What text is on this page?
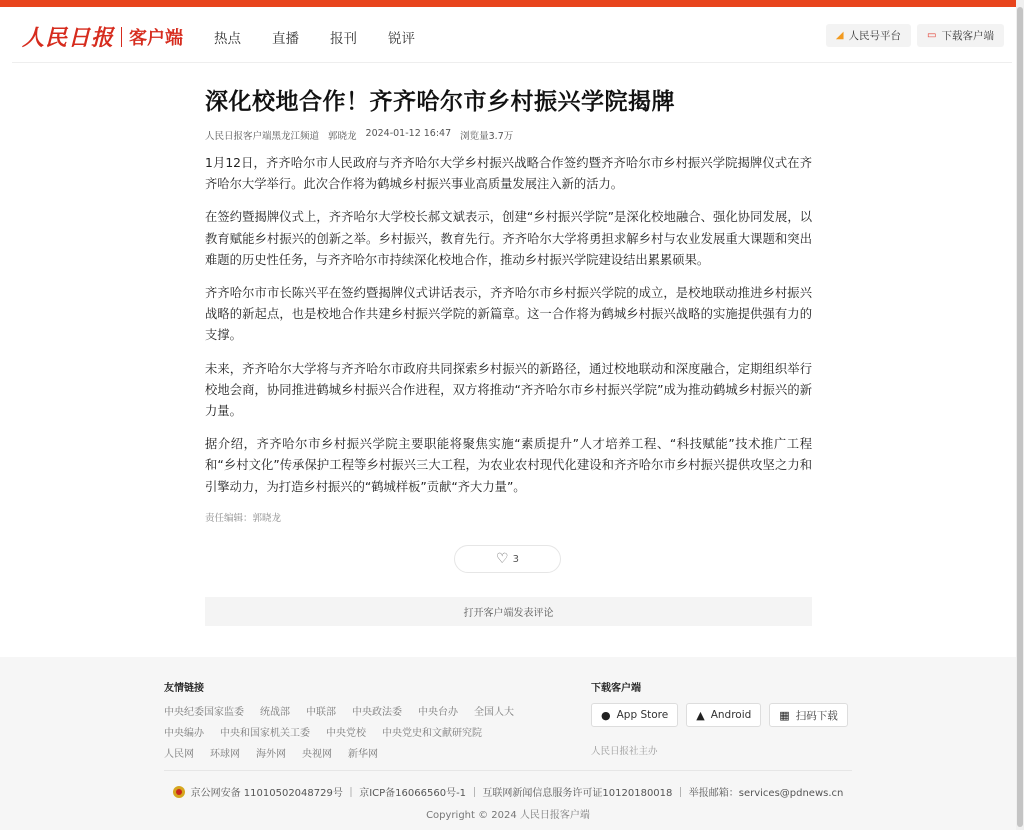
人民日报 客户端 热点 直播 报刊 锐评	◢ 人民号平台	▭ 下载客户端
深化校地合作！齐齐哈尔市乡村振兴学院揭牌
人民日报客户端黑龙江频道 郭晓龙 2024-01-12 16:47 浏览量3.7万

1月12日，齐齐哈尔市人民政府与齐齐哈尔大学乡村振兴战略合作签约暨齐齐哈尔市乡村振兴学院揭牌仪式在齐齐哈尔大学举行。此次合作将为鹤城乡村振兴事业高质量发展注入新的活力。

在签约暨揭牌仪式上，齐齐哈尔大学校长郝文斌表示，创建“乡村振兴学院”是深化校地融合、强化协同发展，以教育赋能乡村振兴的创新之举。乡村振兴，教育先行。齐齐哈尔大学将勇担求解乡村与农业发展重大课题和突出难题的历史性任务，与齐齐哈尔市持续深化校地合作，推动乡村振兴学院建设结出累累硕果。

齐齐哈尔市市长陈兴平在签约暨揭牌仪式讲话表示，齐齐哈尔市乡村振兴学院的成立，是校地联动推进乡村振兴战略的新起点，也是校地合作共建乡村振兴学院的新篇章。这一合作将为鹤城乡村振兴战略的实施提供强有力的支撑。

未来，齐齐哈尔大学将与齐齐哈尔市政府共同探索乡村振兴的新路径，通过校地联动和深度融合，定期组织举行校地会商，协同推进鹤城乡村振兴合作进程，双方将推动“齐齐哈尔市乡村振兴学院”成为推动鹤城乡村振兴的新力量。

据介绍，齐齐哈尔市乡村振兴学院主要职能将聚焦实施“素质提升”人才培养工程、“科技赋能”技术推广工程和“乡村文化”传承保护工程等乡村振兴三大工程，为农业农村现代化建设和齐齐哈尔市乡村振兴提供攻坚之力和引擎动力，为打造乡村振兴的“鹤城样板”贡献“齐大力量”。

责任编辑：郭晓龙
♡ 3
打开客户端发表评论
友情链接
中央纪委国家监委 统战部 中联部 中央政法委 中央台办 全国人大
中央编办 中央和国家机关工委 中央党校 中央党史和文献研究院
人民网 环球网 海外网 央视网 新华网
下载客户端
● App Store	▲ Android	▦ 扫码下载
人民日报社主办
京公网安备 11010502048729号 ｜ 京ICP备16066560号-1 ｜ 互联网新闻信息服务许可证10120180018 ｜ 举报邮箱：services@pdnews.cn
Copyright © 2024 人民日报客户端
